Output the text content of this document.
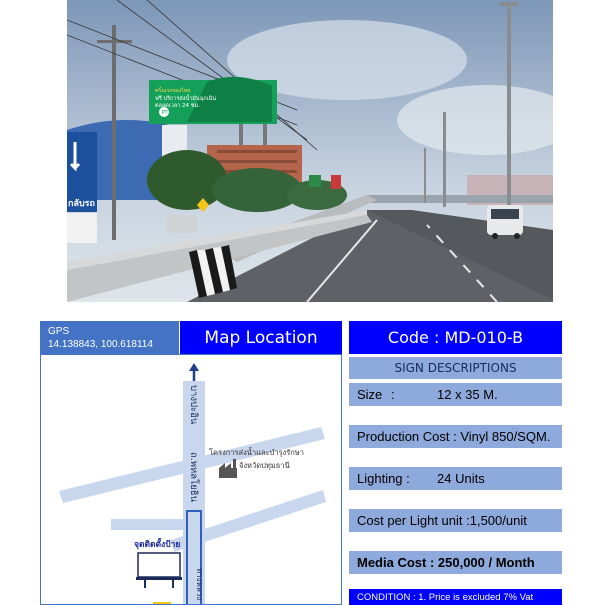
PT
ครั้งแรกของไทย
ฟรี บริการส่งน้ำมันฉุกเฉิน
ตลอดเวลา 24 ชม.
กลับรถ
GPS
14.138843, 100.618114	Map Location
บางปะอิน
ถ.พหลโยธิน
ทางหลวง
โครงการส่งน้ำและบำรุงรักษา
จังหวัดปทุมธานี
จุดติดตั้งป้าย
Code : MD-010-B
SIGN DESCRIPTIONS
Size :	12 x 35 M.
Production Cost : Vinyl 850/SQM.
Lighting :	24 Units
Cost per Light unit :1,500/unit
Media Cost : 250,000 / Month
CONDITION : 1. Price is excluded 7% Vat
